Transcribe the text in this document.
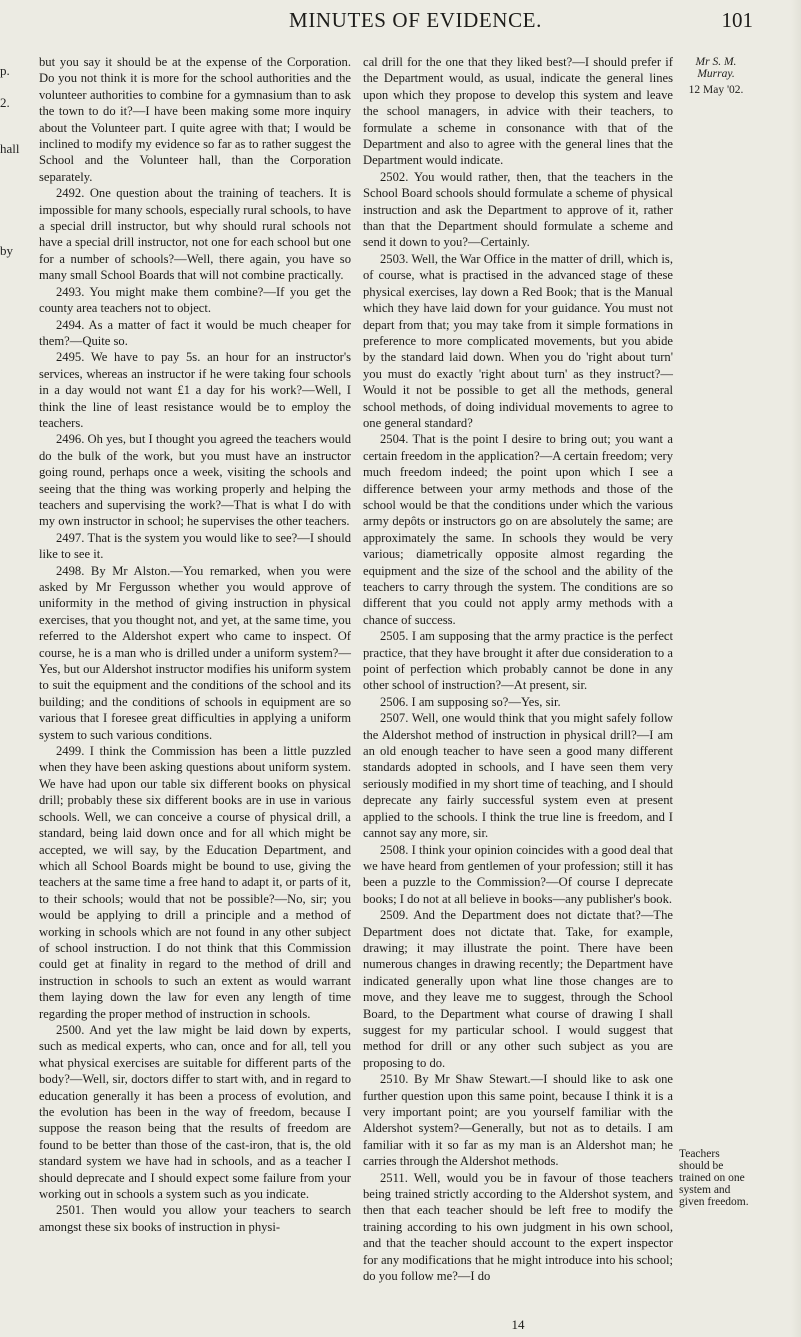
MINUTES OF EVIDENCE.	101
p.
2.
hall
by

but you say it should be at the expense of the Corporation. Do you not think it is more for the school authorities and the volunteer authorities to combine for a gymnasium than to ask the town to do it?—I have been making some more inquiry about the Volunteer part. I quite agree with that; I would be inclined to modify my evidence so far as to rather suggest the School and the Volunteer hall, than the Corporation separately.

2492. One question about the training of teachers. It is impossible for many schools, especially rural schools, to have a special drill instructor, but why should rural schools not have a special drill instructor, not one for each school but one for a number of schools?—Well, there again, you have so many small School Boards that will not combine practically.

2493. You might make them combine?—If you get the county area teachers not to object.

2494. As a matter of fact it would be much cheaper for them?—Quite so.

2495. We have to pay 5s. an hour for an instructor's services, whereas an instructor if he were taking four schools in a day would not want £1 a day for his work?—Well, I think the line of least resistance would be to employ the teachers.

2496. Oh yes, but I thought you agreed the teachers would do the bulk of the work, but you must have an instructor going round, perhaps once a week, visiting the schools and seeing that the thing was working properly and helping the teachers and supervising the work?—That is what I do with my own instructor in school; he supervises the other teachers.

2497. That is the system you would like to see?—I should like to see it.

2498. By Mr Alston.—You remarked, when you were asked by Mr Fergusson whether you would approve of uniformity in the method of giving instruction in physical exercises, that you thought not, and yet, at the same time, you referred to the Aldershot expert who came to inspect. Of course, he is a man who is drilled under a uniform system?—Yes, but our Aldershot instructor modifies his uniform system to suit the equipment and the conditions of the school and its building; and the conditions of schools in equipment are so various that I foresee great difficulties in applying a uniform system to such various conditions.

2499. I think the Commission has been a little puzzled when they have been asking questions about uniform system. We have had upon our table six different books on physical drill; probably these six different books are in use in various schools. Well, we can conceive a course of physical drill, a standard, being laid down once and for all which might be accepted, we will say, by the Education Department, and which all School Boards might be bound to use, giving the teachers at the same time a free hand to adapt it, or parts of it, to their schools; would that not be possible?—No, sir; you would be applying to drill a principle and a method of working in schools which are not found in any other subject of school instruction. I do not think that this Commission could get at finality in regard to the method of drill and instruction in schools to such an extent as would warrant them laying down the law for even any length of time regarding the proper method of instruction in schools.

2500. And yet the law might be laid down by experts, such as medical experts, who can, once and for all, tell you what physical exercises are suitable for different parts of the body?—Well, sir, doctors differ to start with, and in regard to education generally it has been a process of evolution, and the evolution has been in the way of freedom, because I suppose the reason being that the results of freedom are found to be better than those of the cast-iron, that is, the old standard system we have had in schools, and as a teacher I should deprecate and I should expect some failure from your working out in schools a system such as you indicate.

2501. Then would you allow your teachers to search amongst these six books of instruction in physi-

cal drill for the one that they liked best?—I should prefer if the Department would, as usual, indicate the general lines upon which they propose to develop this system and leave the school managers, in advice with their teachers, to formulate a scheme in consonance with that of the Department and also to agree with the general lines that the Department would indicate.

2502. You would rather, then, that the teachers in the School Board schools should formulate a scheme of physical instruction and ask the Department to approve of it, rather than that the Department should formulate a scheme and send it down to you?—Certainly.

2503. Well, the War Office in the matter of drill, which is, of course, what is practised in the advanced stage of these physical exercises, lay down a Red Book; that is the Manual which they have laid down for your guidance. You must not depart from that; you may take from it simple formations in preference to more complicated movements, but you abide by the standard laid down. When you do 'right about turn' you must do exactly 'right about turn' as they instruct?—Would it not be possible to get all the methods, general school methods, of doing individual movements to agree to one general standard?

2504. That is the point I desire to bring out; you want a certain freedom in the application?—A certain freedom; very much freedom indeed; the point upon which I see a difference between your army methods and those of the school would be that the conditions under which the various army depôts or instructors go on are absolutely the same; are approximately the same. In schools they would be very various; diametrically opposite almost regarding the equipment and the size of the school and the ability of the teachers to carry through the system. The conditions are so different that you could not apply army methods with a chance of success.

2505. I am supposing that the army practice is the perfect practice, that they have brought it after due consideration to a point of perfection which probably cannot be done in any other school of instruction?—At present, sir.

2506. I am supposing so?—Yes, sir.

2507. Well, one would think that you might safely follow the Aldershot method of instruction in physical drill?—I am an old enough teacher to have seen a good many different standards adopted in schools, and I have seen them very seriously modified in my short time of teaching, and I should deprecate any fairly successful system even at present applied to the schools. I think the true line is freedom, and I cannot say any more, sir.

2508. I think your opinion coincides with a good deal that we have heard from gentlemen of your profession; still it has been a puzzle to the Commission?—Of course I deprecate books; I do not at all believe in books—any publisher's book.

2509. And the Department does not dictate that?—The Department does not dictate that. Take, for example, drawing; it may illustrate the point. There have been numerous changes in drawing recently; the Department have indicated generally upon what line those changes are to move, and they leave me to suggest, through the School Board, to the Department what course of drawing I shall suggest for my particular school. I would suggest that method for drill or any other such subject as you are proposing to do.

2510. By Mr Shaw Stewart.—I should like to ask one further question upon this same point, because I think it is a very important point; are you yourself familiar with the Aldershot system?—Generally, but not as to details. I am familiar with it so far as my man is an Aldershot man; he carries through the Aldershot methods.

2511. Well, would you be in favour of those teachers being trained strictly according to the Aldershot system, and then that each teacher should be left free to modify the training according to his own judgment in his own school, and that the teacher should account to the expert inspector for any modifications that he might introduce into his school; do you follow me?—I do

Mr S. M. Murray.
12 May '02.
Teachers should be trained on one system and given freedom.
14
